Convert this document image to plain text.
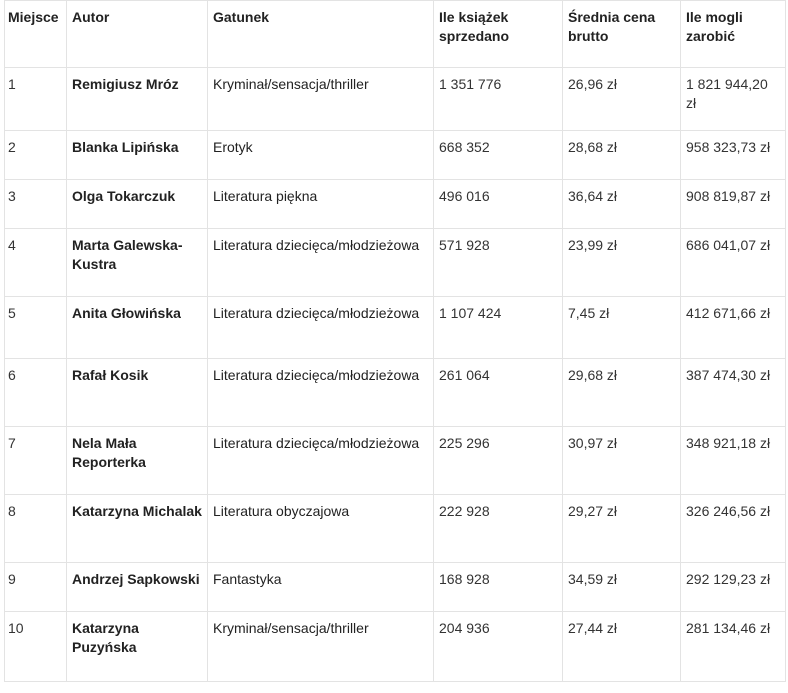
Miejsce	Autor	Gatunek	Ile książek sprzedano	Średnia cena brutto	Ile mogli zarobić
1	Remigiusz Mróz	Kryminał/sensacja/thriller	1 351 776	26,96 zł	1 821 944,20 zł
2	Blanka Lipińska	Erotyk	668 352	28,68 zł	958 323,73 zł
3	Olga Tokarczuk	Literatura piękna	496 016	36,64 zł	908 819,87 zł
4	Marta Galewska-Kustra	Literatura dziecięca/młodzieżowa	571 928	23,99 zł	686 041,07 zł
5	Anita Głowińska	Literatura dziecięca/młodzieżowa	1 107 424	7,45 zł	412 671,66 zł
6	Rafał Kosik	Literatura dziecięca/młodzieżowa	261 064	29,68 zł	387 474,30 zł
7	Nela Mała Reporterka	Literatura dziecięca/młodzieżowa	225 296	30,97 zł	348 921,18 zł
8	Katarzyna Michalak	Literatura obyczajowa	222 928	29,27 zł	326 246,56 zł
9	Andrzej Sapkowski	Fantastyka	168 928	34,59 zł	292 129,23 zł
10	Katarzyna Puzyńska	Kryminał/sensacja/thriller	204 936	27,44 zł	281 134,46 zł
